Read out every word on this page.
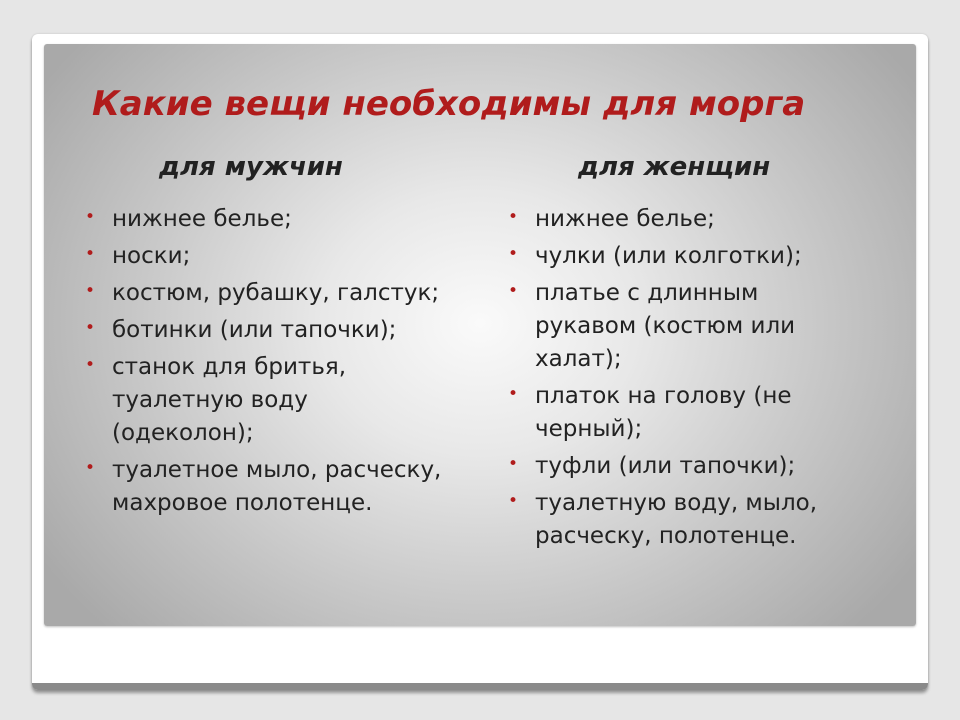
Какие вещи необходимы для морга
для мужчин	для женщин
• нижнее белье;
• носки;
• костюм, рубашку, галстук;
• ботинки (или тапочки);
• станок для бритья, туалетную воду (одеколон);
• туалетное мыло, расческу, махровое полотенце.
• нижнее белье;
• чулки (или колготки);
• платье с длинным рукавом (костюм или халат);
• платок на голову (не черный);
• туфли (или тапочки);
• туалетную воду, мыло, расческу, полотенце.
